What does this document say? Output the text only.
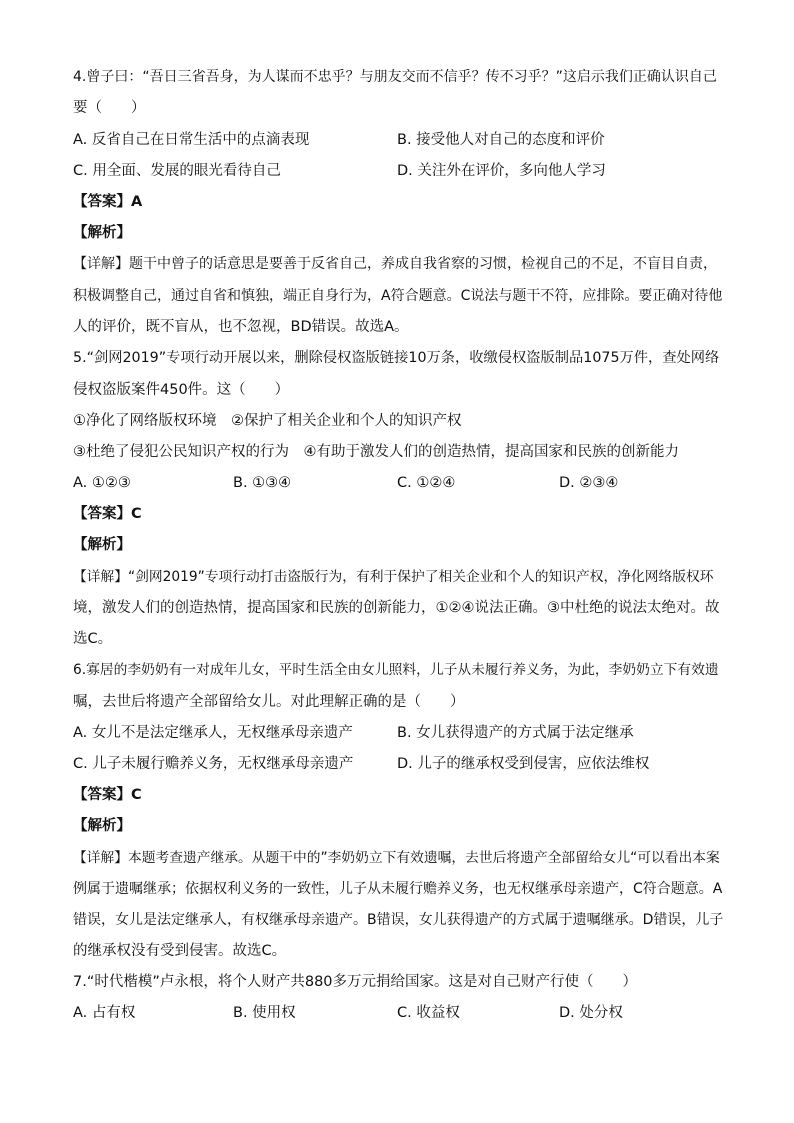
4.曾子曰：“吾日三省吾身，为人谋而不忠乎？与朋友交而不信乎？传不习乎？”这启示我们正确认识自己
要（　　）
A. 反省自己在日常生活中的点滴表现	B. 接受他人对自己的态度和评价
C. 用全面、发展的眼光看待自己	D. 关注外在评价，多向他人学习
【答案】A
【解析】
【详解】题干中曾子的话意思是要善于反省自己，养成自我省察的习惯，检视自己的不足，不盲目自责，
积极调整自己，通过自省和慎独，端正自身行为，A符合题意。C说法与题干不符，应排除。要正确对待他
人的评价，既不盲从，也不忽视，BD错误。故选A。
5.“剑网2019”专项行动开展以来，删除侵权盗版链接10万条，收缴侵权盗版制品1075万件，查处网络
侵权盗版案件450件。这（　　）
①净化了网络版权环境　②保护了相关企业和个人的知识产权
③杜绝了侵犯公民知识产权的行为　④有助于激发人们的创造热情，提高国家和民族的创新能力
A. ①②③	B. ①③④	C. ①②④	D. ②③④
【答案】C
【解析】
【详解】“剑网2019”专项行动打击盗版行为，有利于保护了相关企业和个人的知识产权，净化网络版权环
境，激发人们的创造热情，提高国家和民族的创新能力，①②④说法正确。③中杜绝的说法太绝对。故
选C。
6.寡居的李奶奶有一对成年儿女，平时生活全由女儿照料，儿子从未履行养义务，为此，李奶奶立下有效遗
嘱，去世后将遗产全部留给女儿。对此理解正确的是（　　）
A. 女儿不是法定继承人，无权继承母亲遗产	B. 女儿获得遗产的方式属于法定继承
C. 儿子未履行赡养义务，无权继承母亲遗产	D. 儿子的继承权受到侵害，应依法维权
【答案】C
【解析】
【详解】本题考查遗产继承。从题干中的”李奶奶立下有效遗嘱，去世后将遗产全部留给女儿“可以看出本案
例属于遗嘱继承；依据权利义务的一致性，儿子从未履行赡养义务，也无权继承母亲遗产，C符合题意。A
错误，女儿是法定继承人，有权继承母亲遗产。B错误，女儿获得遗产的方式属于遗嘱继承。D错误，儿子
的继承权没有受到侵害。故选C。
7.“时代楷模”卢永根，将个人财产共880多万元捐给国家。这是对自己财产行使（　　）
A. 占有权	B. 使用权	C. 收益权	D. 处分权
